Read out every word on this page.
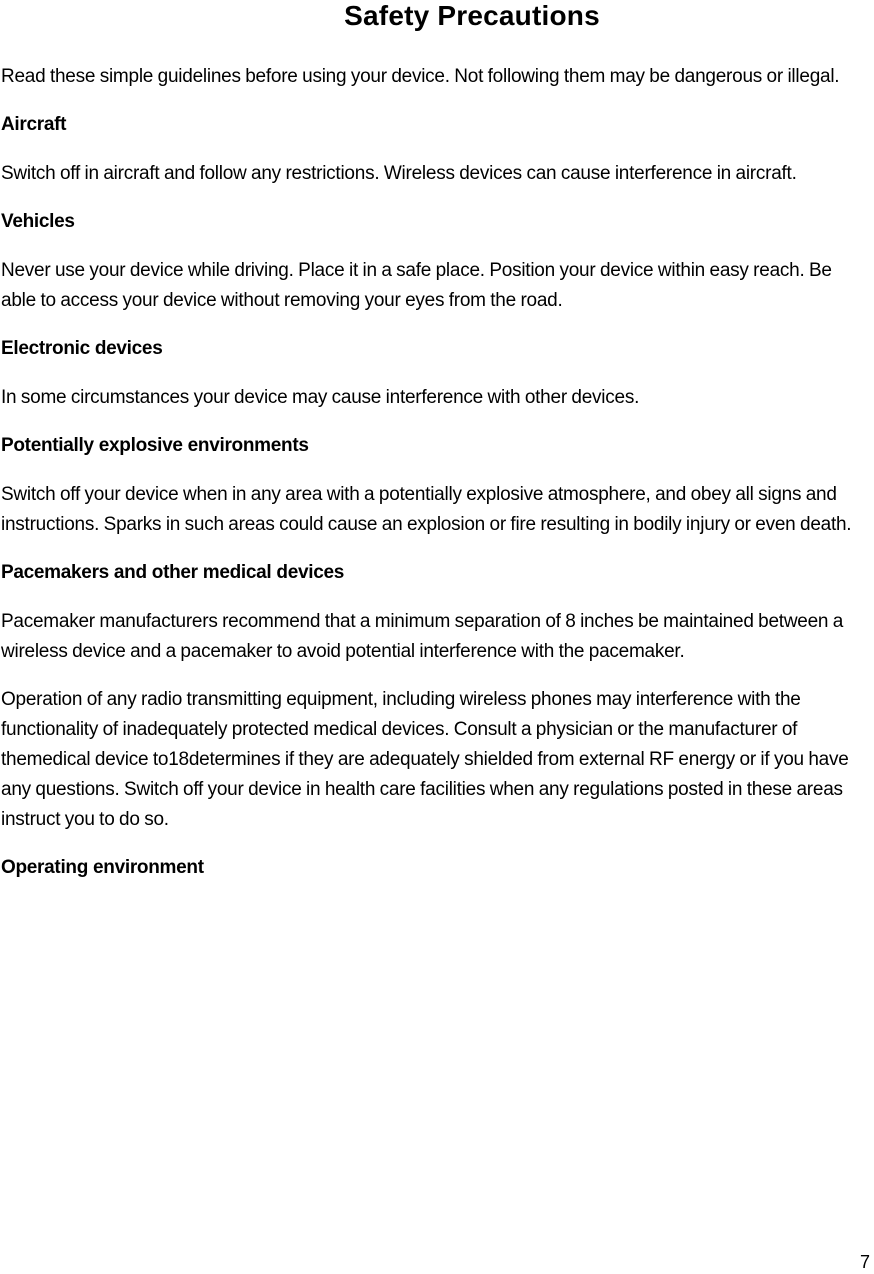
Safety Precautions

Read these simple guidelines before using your device. Not following them may be dangerous or illegal.

Aircraft

Switch off in aircraft and follow any restrictions. Wireless devices can cause interference in aircraft.

Vehicles

Never use your device while driving. Place it in a safe place. Position your device within easy reach. Be able to access your device without removing your eyes from the road.

Electronic devices

In some circumstances your device may cause interference with other devices.

Potentially explosive environments

Switch off your device when in any area with a potentially explosive atmosphere, and obey all signs and instructions. Sparks in such areas could cause an explosion or fire resulting in bodily injury or even death.

Pacemakers and other medical devices

Pacemaker manufacturers recommend that a minimum separation of 8 inches be maintained between a wireless device and a pacemaker to avoid potential interference with the pacemaker.

Operation of any radio transmitting equipment, including wireless phones may interference with the functionality of inadequately protected medical devices. Consult a physician or the manufacturer of themedical device to18determines if they are adequately shielded from external RF energy or if you have any questions. Switch off your device in health care facilities when any regulations posted in these areas instruct you to do so.

Operating environment
7
